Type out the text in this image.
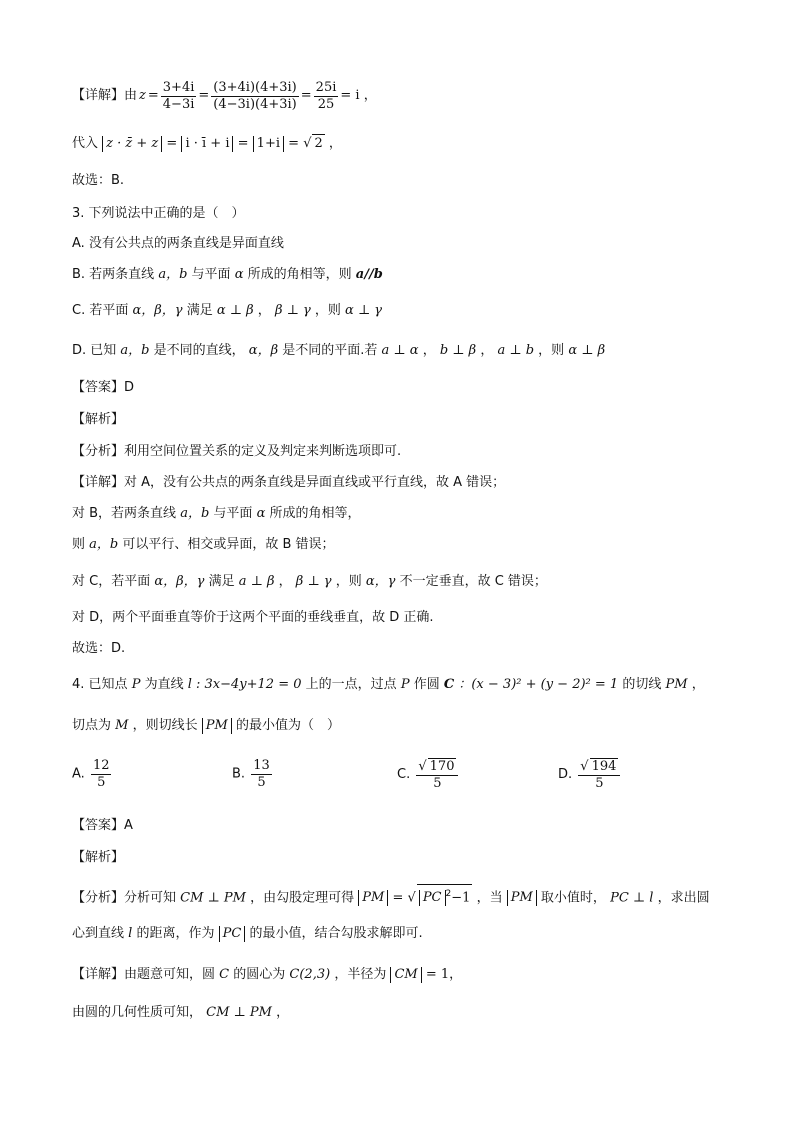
【详解】由 $z = \frac{3+4i}{4-3i} = \frac{(3+4i)(4+3i)}{(4-3i)(4+3i)} = \frac{25i}{25} = i$ ，
代入 z · z̄ + z = i · ī + i = 1+i = √ 2 ，
故选：B.
3. 下列说法中正确的是（　）
A. 没有公共点的两条直线是异面直线
B. 若两条直线 a，b 与平面 α 所成的角相等，则 a//b
C. 若平面 α，β，γ 满足 α ⊥ β ， β ⊥ γ ，则 α ⊥ γ
D. 已知 a，b 是不同的直线， α，β 是不同的平面.若 a ⊥ α ， b ⊥ β ， a ⊥ b ，则 α ⊥ β
【答案】D
【解析】
【分析】利用空间位置关系的定义及判定来判断选项即可.
【详解】对 A，没有公共点的两条直线是异面直线或平行直线，故 A 错误；
对 B，若两条直线 a，b 与平面 α 所成的角相等，
则 a，b 可以平行、相交或异面，故 B 错误；
对 C，若平面 α，β，γ 满足 a ⊥ β ， β ⊥ γ ，则 α，γ 不一定垂直，故 C 错误；
对 D，两个平面垂直等价于这两个平面的垂线垂直，故 D 正确.
故选：D.
4. 已知点 P 为直线 l : 3x−4y+12 = 0 上的一点，过点 P 作圆 C ：(x − 3)² + (y − 2)² = 1 的切线 PM ，
切点为 M ，则切线长 PM 的最小值为（　）
A. $\frac{12}{5}$	B. $\frac{13}{5}$	C. $\frac{√ 170}{5}$	D. $\frac{√ 194}{5}$
【答案】A
【解析】
【分析】分析可知 CM ⊥ PM ，由勾股定理可得 PM = √ PC $^2$−1 ，当 PM 取小值时， PC ⊥ l ，求出圆
心到直线 l 的距离，作为 PC 的最小值，结合勾股求解即可.
【详解】由题意可知，圆 C 的圆心为 C(2,3) ，半径为 CM = 1，
由圆的几何性质可知， CM ⊥ PM ，
